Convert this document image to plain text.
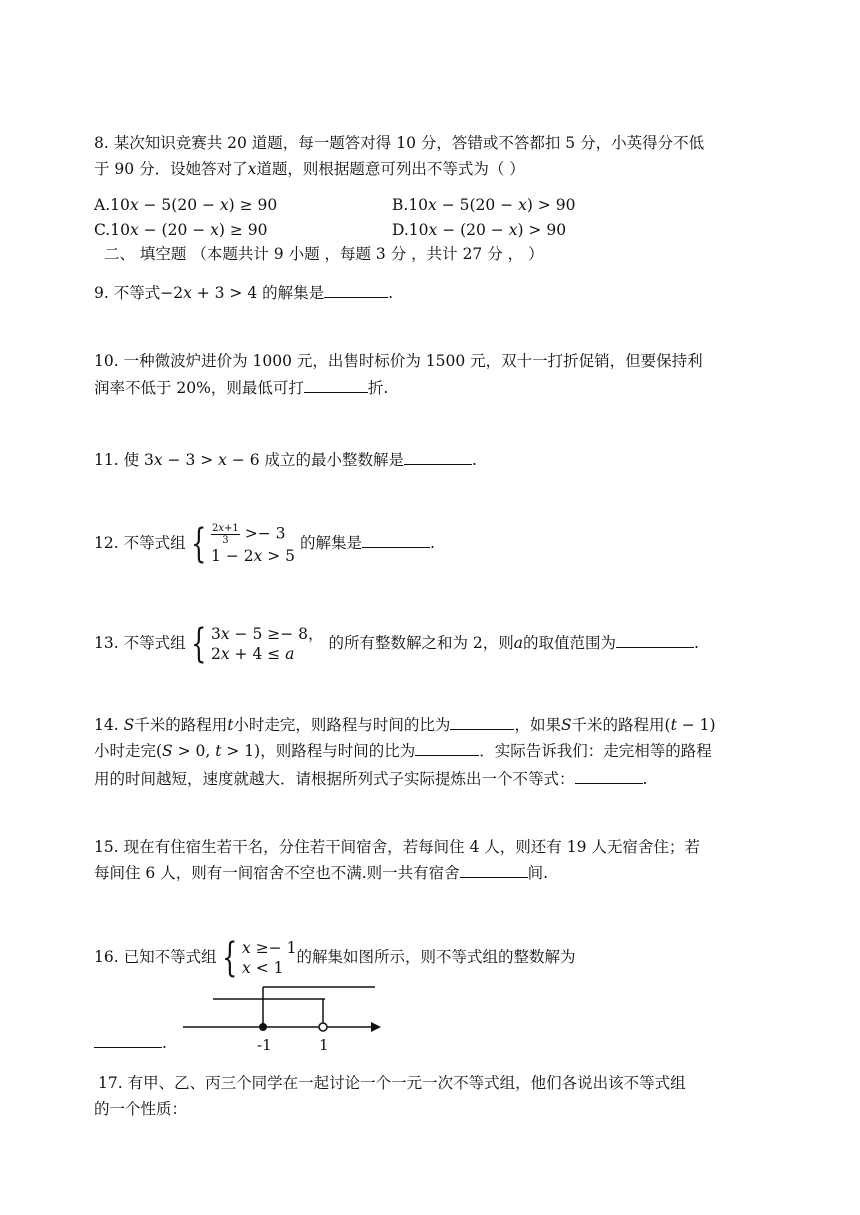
8. 某次知识竞赛共 20 道题，每一题答对得 10 分，答错或不答都扣 5 分，小英得分不低
于 90 分．设她答对了𝑥道题，则根据题意可列出不等式为（ ）
A.10𝑥 − 5(20 − 𝑥) ≥ 90	B.10𝑥 − 5(20 − 𝑥) > 90
C.10𝑥 − (20 − 𝑥) ≥ 90	D.10𝑥 − (20 − 𝑥) > 90
二、 填空题 （本题共计 9 小题 ，每题 3 分 ，共计 27 分 ， ）
9. 不等式−2𝑥 + 3 > 4 的解集是	.
10. 一种微波炉进价为 1000 元，出售时标价为 1500 元，双十一打折促销，但要保持利
润率不低于 20%，则最低可打	折.
11. 使 3𝑥 − 3 > 𝑥 − 6 成立的最小整数解是	.
12. 不等式组 { $\frac{\text{2𝑥+1}}{3} >- 3$
1 − 2𝑥 > 5
的解集是	.
13. 不等式组 { 3𝑥 − 5 ≥− 8，
2𝑥 + 4 ≤ 𝑎
的所有整数解之和为 2，则𝑎的取值范围为	.
14. 𝑆千米的路程用𝑡小时走完，则路程与时间的比为	，如果𝑆千米的路程用(𝑡 − 1)
小时走完(𝑆 > 0, 𝑡 > 1)，则路程与时间的比为	．实际告诉我们：走完相等的路程
用的时间越短，速度就越大．请根据所列式子实际提炼出一个不等式：	.
15. 现在有住宿生若干名，分住若干间宿舍，若每间住 4 人，则还有 19 人无宿舍住；若
每间住 6 人，则有一间宿舍不空也不满.则一共有宿舍	间.
16. 已知不等式组 { 𝑥 ≥− 1
𝑥 < 1
的解集如图所示，则不等式组的整数解为
-1	1
.
17. 有甲、乙、丙三个同学在一起讨论一个一元一次不等式组，他们各说出该不等式组
的一个性质：
